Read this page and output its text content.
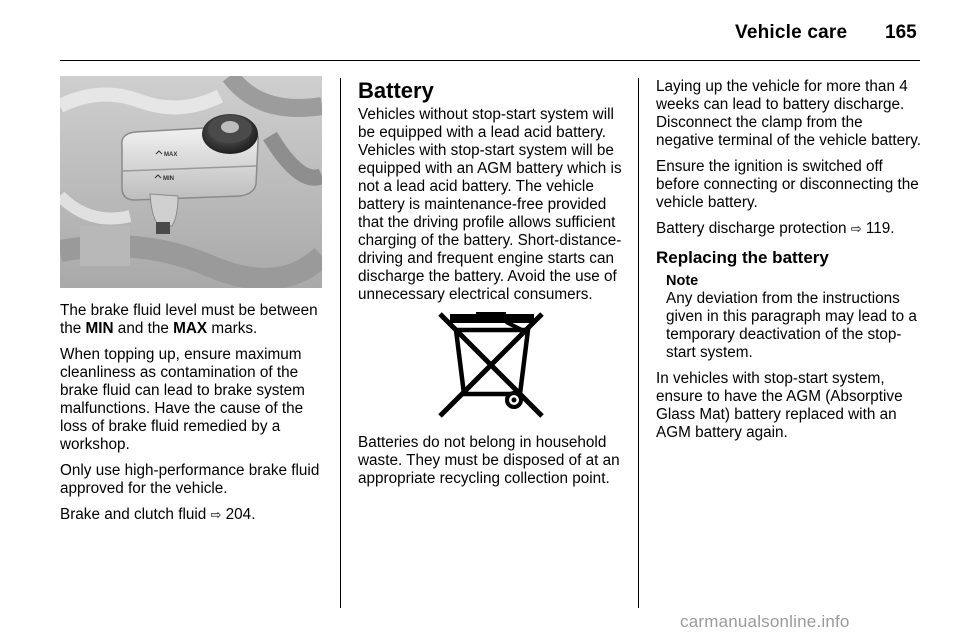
Vehicle care 165
MAX
MIN

The brake fluid level must be between the MIN and the MAX marks.

When topping up, ensure maximum cleanliness as contamination of the brake fluid can lead to brake system malfunctions. Have the cause of the loss of brake fluid remedied by a workshop.

Only use high-performance brake fluid approved for the vehicle.

Brake and clutch fluid ⇨ 204.

Battery

Vehicles without stop-start system will be equipped with a lead acid battery. Vehicles with stop-start system will be equipped with an AGM battery which is not a lead acid battery. The vehicle battery is maintenance-free provided that the driving profile allows sufficient charging of the battery. Short-distance-driving and frequent engine starts can discharge the battery. Avoid the use of unnecessary electrical consumers.

Batteries do not belong in household waste. They must be disposed of at an appropriate recycling collection point.

Laying up the vehicle for more than 4 weeks can lead to battery discharge. Disconnect the clamp from the negative terminal of the vehicle battery.

Ensure the ignition is switched off before connecting or disconnecting the vehicle battery.

Battery discharge protection ⇨ 119.

Replacing the battery
Note

Any deviation from the instructions given in this paragraph may lead to a temporary deactivation of the stop-start system.

In vehicles with stop-start system, ensure to have the AGM (Absorptive Glass Mat) battery replaced with an AGM battery again.

carmanualsonline.info
